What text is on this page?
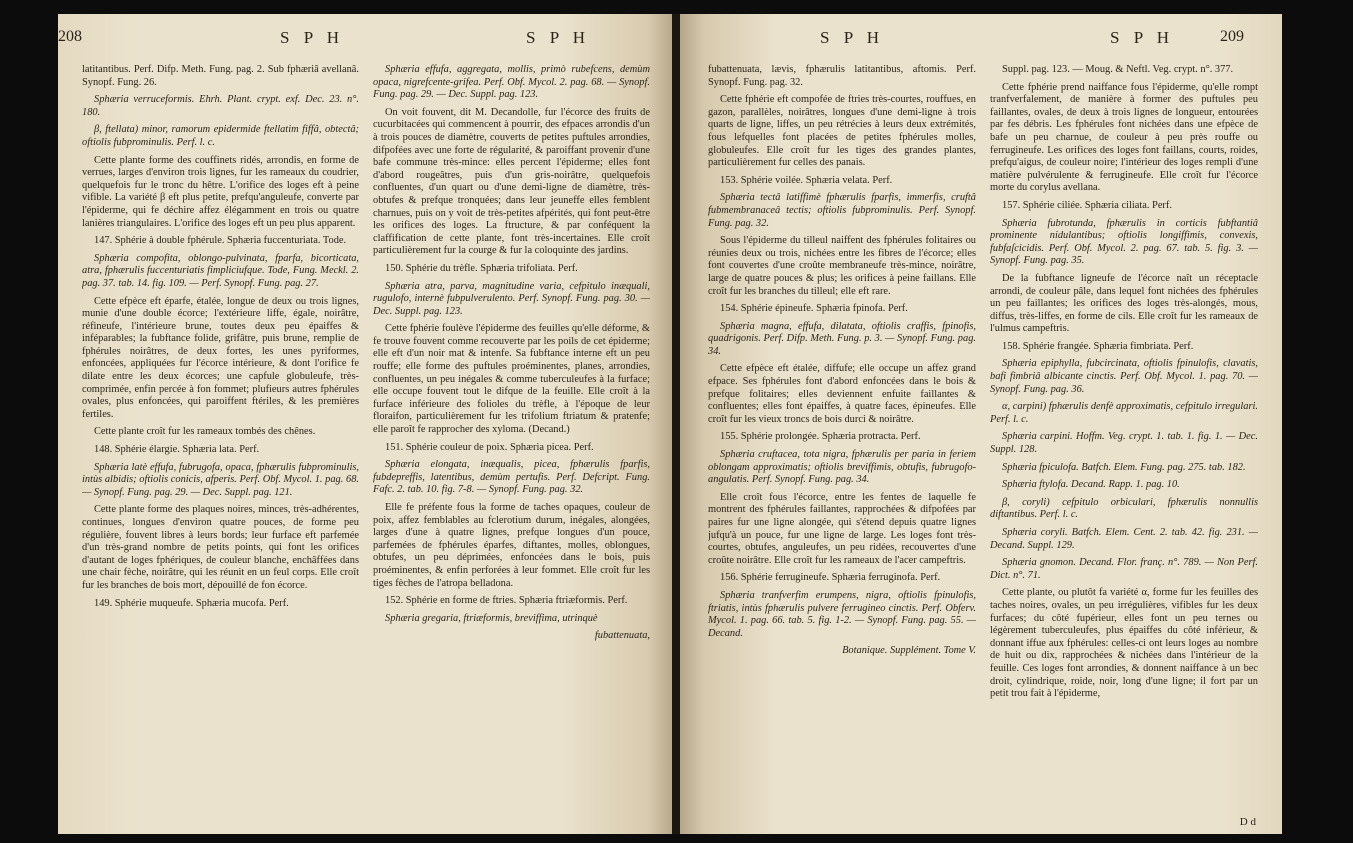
208	S P H	S P H

latitantibus. Perf. Difp. Meth. Fung. pag. 2. Sub fphæriâ avellanâ. Synopf. Fung. 26.

Sphæria verruceformis. Ehrh. Plant. crypt. exf. Dec. 23. n°. 180.

β, ftellata) minor, ramorum epidermide ftellatim fiffâ, obtectâ; oftiolis fubprominulis. Perf. l. c.

Cette plante forme des couffinets ridés, arrondis, en forme de verrues, larges d'environ trois lignes, fur les rameaux du coudrier, quelquefois fur le tronc du hêtre. L'orifice des loges eft à peine vifible. La variété β eft plus petite, prefqu'anguleufe, converte par l'épiderme, qui fe déchire affez élégamment en trois ou quatre lanières triangulaires. L'orifice des loges eft un peu plus apparent.

147. Sphérie à double fphérule. Sphæria fuccenturiata. Tode.

Sphæria compofita, oblongo-pulvinata, fparfa, bicorticata, atra, fphærulis fuccenturiatis fimpliciufque. Tode, Fung. Meckl. 2. pag. 37. tab. 14. fig. 109. — Perf. Synopf. Fung. pag. 27.

Cette efpèce eft éparfe, étalée, longue de deux ou trois lignes, munie d'une double écorce; l'extérieure liffe, égale, noirâtre, réfineufe, l'intérieure brune, toutes deux peu épaiffes & inféparables; la fubftance folide, grifâtre, puis brune, remplie de fphérules noirâtres, de deux fortes, les unes pyriformes, enfoncées, appliquées fur l'écorce intérieure, & dont l'orifice fe dilate entre les deux écorces; une capfule globuleufe, très-comprimée, enfin percée à fon fommet; plufieurs autres fphérules ovales, plus enfoncées, qui paroiffent ftériles, & les premières fertiles.

Cette plante croît fur les rameaux tombés des chênes.

148. Sphérie élargie. Sphæria lata. Perf.

Sphæria latè effufa, fubrugofa, opaca, fphærulis fubprominulis, intùs albidis; oftiolis conicis, afperis. Perf. Obf. Mycol. 1. pag. 68. — Synopf. Fung. pag. 29. — Dec. Suppl. pag. 121.

Cette plante forme des plaques noires, minces, très-adhérentes, continues, longues d'environ quatre pouces, de forme peu régulière, fouvent libres à leurs bords; leur furface eft parfemée d'un très-grand nombre de petits points, qui font les orifices d'autant de loges fphériques, de couleur blanche, enchâffées dans une chair fèche, noirâtre, qui les réunit en un feul corps. Elle croît fur les branches de bois mort, dépouillé de fon écorce.

149. Sphérie muqueufe. Sphæria mucofa. Perf.

Sphæria effufa, aggregata, mollis, primò rubefcens, demùm opaca, nigrefcente-grifea. Perf. Obf. Mycol. 2. pag. 68. — Synopf. Fung. pag. 29. — Dec. Suppl. pag. 123.

On voit fouvent, dit M. Decandolle, fur l'écorce des fruits de cucurbitacées qui commencent à pourrir, des efpaces arrondis d'un à trois pouces de diamètre, couverts de petites puftules arrondies, difpofées avec une forte de régularité, & paroiffant provenir d'une bafe commune très-mince: elles percent l'épiderme; elles font d'abord rougeâtres, puis d'un gris-noirâtre, quelquefois confluentes, d'un quart ou d'une demi-ligne de diamètre, très-obtufes & prefque tronquées; dans leur jeuneffe elles femblent charnues, puis on y voit de très-petites afpérités, qui font peut-être les orifices des loges. La ftructure, & par conféquent la claffification de cette plante, font très-incertaines. Elle croît particulièrement fur la courge & fur la coloquinte des jardins.

150. Sphérie du trèfle. Sphæria trifoliata. Perf.

Sphæria atra, parva, magnitudine varia, cefpitulo inæquali, rugulofo, internè fubpulverulento. Perf. Synopf. Fung. pag. 30. — Dec. Suppl. pag. 123.

Cette fphérie foulève l'épiderme des feuilles qu'elle déforme, & fe trouve fouvent comme recouverte par les poils de cet épiderme; elle eft d'un noir mat & intenfe. Sa fubftance interne eft un peu rouffe; elle forme des puftules proéminentes, planes, arrondies, confluentes, un peu inégales & comme tuberculeufes à la furface; elle occupe fouvent tout le difque de la feuille. Elle croît à la furface inférieure des folioles du trèfle, à l'époque de leur floraifon, particulièrement fur les trifolium ftriatum & pratenfe; elle paroît fe rapprocher des xyloma. (Decand.)

151. Sphérie couleur de poix. Sphæria picea. Perf.

Sphæria elongata, inæqualis, picea, fphærulis fparfis, fubdepreffis, latentibus, demùm pertufis. Perf. Defcript. Fung. Fafc. 2. tab. 10. fig. 7-8. — Synopf. Fung. pag. 32.

Elle fe préfente fous la forme de taches opaques, couleur de poix, affez femblables au fclerotium durum, inégales, alongées, larges d'une à quatre lignes, prefque longues d'un pouce, parfemées de fphérules éparfes, diftantes, molles, oblongues, obtufes, un peu déprimées, enfoncées dans le bois, puis proéminentes, & enfin perforées à leur fommet. Elle croît fur les tiges fèches de l'atropa belladona.

152. Sphérie en forme de ftries. Sphæria ftriæformis. Perf.

Sphæria gregaria, ftriæformis, breviffima, utrinquè

fubattenuata,
S P H	S P H	209

fubattenuata, lævis, fphærulis latitantibus, aftomis. Perf. Synopf. Fung. pag. 32.

Cette fphérie eft compofée de ftries très-courtes, rouffues, en gazon, parallèles, noirâtres, longues d'une demi-ligne à trois quarts de ligne, liffes, un peu rétrécies à leurs deux extrémités, fous lefquelles font placées de petites fphérules molles, globuleufes. Elle croît fur les tiges des grandes plantes, particulièrement fur celles des panais.

153. Sphérie voilée. Sphæria velata. Perf.

Sphæria tectâ latiffimè fphærulis fparfis, immerfis, cruftâ fubmembranaceâ tectis; oftiolis fubprominulis. Perf. Synopf. Fung. pag. 32.

Sous l'épiderme du tilleul naiffent des fphérules folitaires ou réunies deux ou trois, nichées entre les fibres de l'écorce; elles font couvertes d'une croûte membraneufe très-mince, noirâtre, large de quatre pouces & plus; les orifices à peine faillans. Elle croît fur les branches du tilleul; elle eft rare.

154. Sphérie épineufe. Sphæria fpinofa. Perf.

Sphæria magna, effufa, dilatata, oftiolis craffis, fpinofis, quadrigonis. Perf. Difp. Meth. Fung. p. 3. — Synopf. Fung. pag. 34.

Cette efpèce eft étalée, diffufe; elle occupe un affez grand efpace. Ses fphérules font d'abord enfoncées dans le bois & prefque folitaires; elles deviennent enfuite faillantes & confluentes; elles font épaiffes, à quatre faces, épineufes. Elle croît fur les vieux troncs de bois durci & noirâtre.

155. Sphérie prolongée. Sphæria protracta. Perf.

Sphæria cruftacea, tota nigra, fphærulis per paria in feriem oblongam approximatis; oftiolis breviffimis, obtufis, fubrugofo-angulatis. Perf. Synopf. Fung. pag. 34.

Elle croît fous l'écorce, entre les fentes de laquelle fe montrent des fphérules faillantes, rapprochées & difpofées par paires fur une ligne alongée, qui s'étend depuis quatre lignes jufqu'à un pouce, fur une ligne de large. Les loges font très-courtes, obtufes, anguleufes, un peu ridées, recouvertes d'une croûte noirâtre. Elle croît fur les rameaux de l'acer campeftris.

156. Sphérie ferrugineufe. Sphæria ferruginofa. Perf.

Sphæria tranfverfim erumpens, nigra, oftiolis fpinulofis, ftriatis, intùs fphærulis pulvere ferrugineo cinctis. Perf. Obferv. Mycol. 1. pag. 66. tab. 5. fig. 1-2. — Synopf. Fung. pag. 55. — Decand.

Botanique. Supplément. Tome V.

Suppl. pag. 123. — Moug. & Neftl. Veg. crypt. n°. 377.

Cette fphérie prend naiffance fous l'épiderme, qu'elle rompt tranfverfalement, de manière à former des puftules peu faillantes, ovales, de deux à trois lignes de longueur, entourées par fes débris. Les fphérules font nichées dans une efpèce de bafe un peu charnue, de couleur à peu près rouffe ou ferrugineufe. Les orifices des loges font faillans, courts, roides, prefqu'aigus, de couleur noire; l'intérieur des loges rempli d'une matière pulvérulente & ferrugineufe. Elle croît fur l'écorce morte du corylus avellana.

157. Sphérie ciliée. Sphæria ciliata. Perf.

Sphæria fubrotunda, fphærulis in corticis fubftantiâ prominente nidulantibus; oftiolis longiffimis, convexis, fubfaſcicidis. Perf. Obf. Mycol. 2. pag. 67. tab. 5. fig. 3. — Synopf. Fung. pag. 35.

De la fubftance ligneufe de l'écorce naît un réceptacle arrondi, de couleur pâle, dans lequel font nichées des fphérules un peu faillantes; les orifices des loges très-alongés, mous, diffus, très-liffes, en forme de cils. Elle croît fur les rameaux de l'ulmus campeftris.

158. Sphérie frangée. Sphæria fimbriata. Perf.

Sphæria epiphylla, fubcircinata, oftiolis fpinulofis, clavatis, bafi fimbriâ albicante cinctis. Perf. Obf. Mycol. 1. pag. 70. — Synopf. Fung. pag. 36.

α, carpini) fphærulis denfè approximatis, cefpitulo irregulari. Perf. l. c.

Sphæria carpini. Hoffm. Veg. crypt. 1. tab. 1. fig. 1. — Dec. Suppl. 128.

Sphæria fpiculofa. Batfch. Elem. Fung. pag. 275. tab. 182.

Sphæria ftylofa. Decand. Rapp. 1. pag. 10.

β, coryli) cefpitulo orbiculari, fphærulis nonnullis diftantibus. Perf. l. c.

Sphæria coryli. Batfch. Elem. Cent. 2. tab. 42. fig. 231. — Decand. Suppl. 129.

Sphæria gnomon. Decand. Flor. franç. n°. 789. — Non Perf. Dict. n°. 71.

Cette plante, ou plutôt fa variété α, forme fur les feuilles des taches noires, ovales, un peu irrégulières, vifibles fur les deux furfaces; du côté fupérieur, elles font un peu ternes ou légèrement tuberculeufes, plus épaiffes du côté inférieur, & donnant iffue aux fphérules: celles-ci ont leurs loges au nombre de huit ou dix, rapprochées & nichées dans l'intérieur de la feuille. Ces loges font arrondies, & donnent naiffance à un bec droit, cylindrique, roide, noir, long d'une ligne; il fort par un petit trou fait à l'épiderme,

D d
